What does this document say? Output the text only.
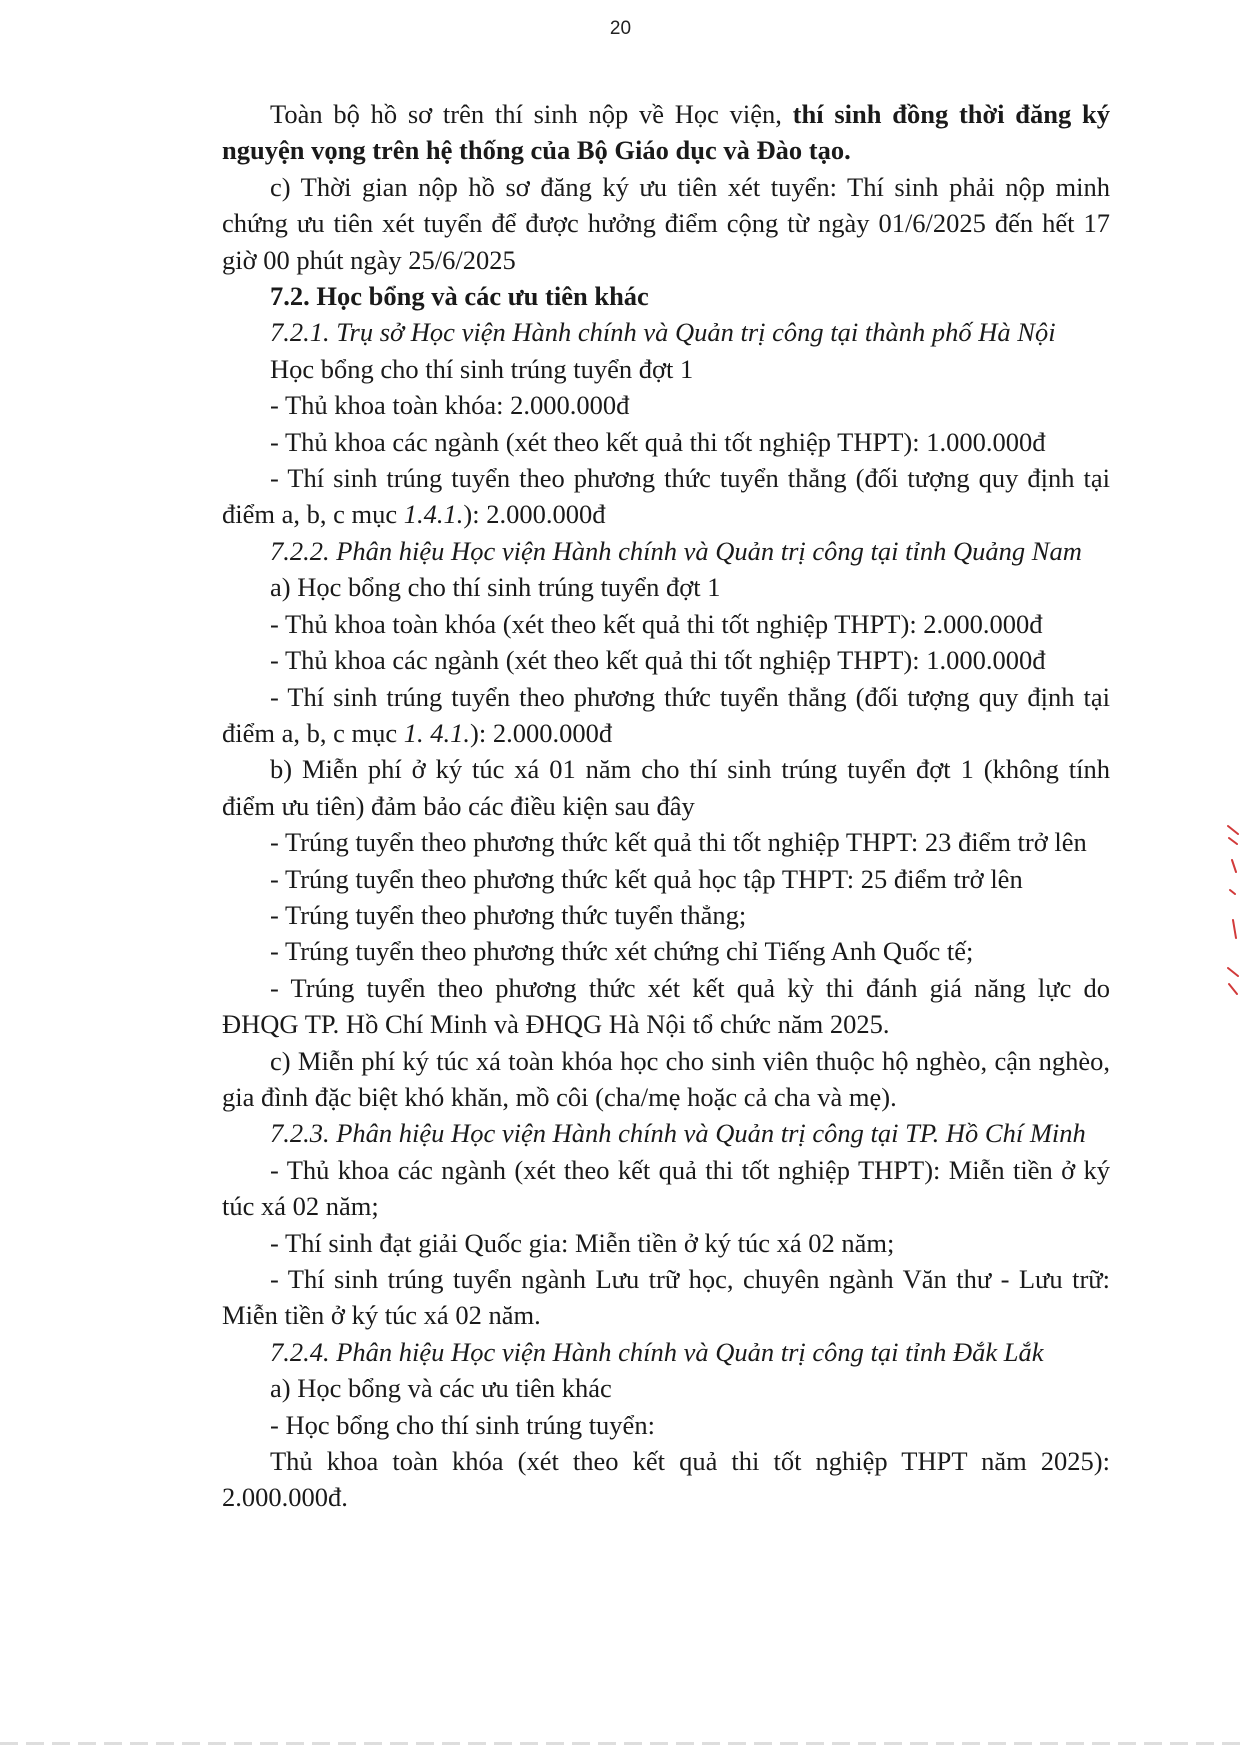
20

Toàn bộ hồ sơ trên thí sinh nộp về Học viện, thí sinh đồng thời đăng ký nguyện vọng trên hệ thống của Bộ Giáo dục và Đào tạo.

c) Thời gian nộp hồ sơ đăng ký ưu tiên xét tuyển: Thí sinh phải nộp minh chứng ưu tiên xét tuyển để được hưởng điểm cộng từ ngày 01/6/2025 đến hết 17 giờ 00 phút ngày 25/6/2025

7.2. Học bổng và các ưu tiên khác

7.2.1. Trụ sở Học viện Hành chính và Quản trị công tại thành phố Hà Nội

Học bổng cho thí sinh trúng tuyển đợt 1

- Thủ khoa toàn khóa: 2.000.000đ

- Thủ khoa các ngành (xét theo kết quả thi tốt nghiệp THPT): 1.000.000đ

- Thí sinh trúng tuyển theo phương thức tuyển thẳng (đối tượng quy định tại điểm a, b, c mục 1.4.1.): 2.000.000đ

7.2.2. Phân hiệu Học viện Hành chính và Quản trị công tại tỉnh Quảng Nam

a) Học bổng cho thí sinh trúng tuyển đợt 1

- Thủ khoa toàn khóa (xét theo kết quả thi tốt nghiệp THPT): 2.000.000đ

- Thủ khoa các ngành (xét theo kết quả thi tốt nghiệp THPT): 1.000.000đ

- Thí sinh trúng tuyển theo phương thức tuyển thẳng (đối tượng quy định tại điểm a, b, c mục 1. 4.1.): 2.000.000đ

b) Miễn phí ở ký túc xá 01 năm cho thí sinh trúng tuyển đợt 1 (không tính điểm ưu tiên) đảm bảo các điều kiện sau đây

- Trúng tuyển theo phương thức kết quả thi tốt nghiệp THPT: 23 điểm trở lên

- Trúng tuyển theo phương thức kết quả học tập THPT: 25 điểm trở lên

- Trúng tuyển theo phương thức tuyển thẳng;

- Trúng tuyển theo phương thức xét chứng chỉ Tiếng Anh Quốc tế;

- Trúng tuyển theo phương thức xét kết quả kỳ thi đánh giá năng lực do ĐHQG TP. Hồ Chí Minh và ĐHQG Hà Nội tổ chức năm 2025.

c) Miễn phí ký túc xá toàn khóa học cho sinh viên thuộc hộ nghèo, cận nghèo, gia đình đặc biệt khó khăn, mồ côi (cha/mẹ hoặc cả cha và mẹ).

7.2.3. Phân hiệu Học viện Hành chính và Quản trị công tại TP. Hồ Chí Minh

- Thủ khoa các ngành (xét theo kết quả thi tốt nghiệp THPT): Miễn tiền ở ký túc xá 02 năm;

- Thí sinh đạt giải Quốc gia: Miễn tiền ở ký túc xá 02 năm;

- Thí sinh trúng tuyển ngành Lưu trữ học, chuyên ngành Văn thư - Lưu trữ: Miễn tiền ở ký túc xá 02 năm.

7.2.4. Phân hiệu Học viện Hành chính và Quản trị công tại tỉnh Đắk Lắk

a) Học bổng và các ưu tiên khác

- Học bổng cho thí sinh trúng tuyển:

Thủ khoa toàn khóa (xét theo kết quả thi tốt nghiệp THPT năm 2025): 2.000.000đ.
